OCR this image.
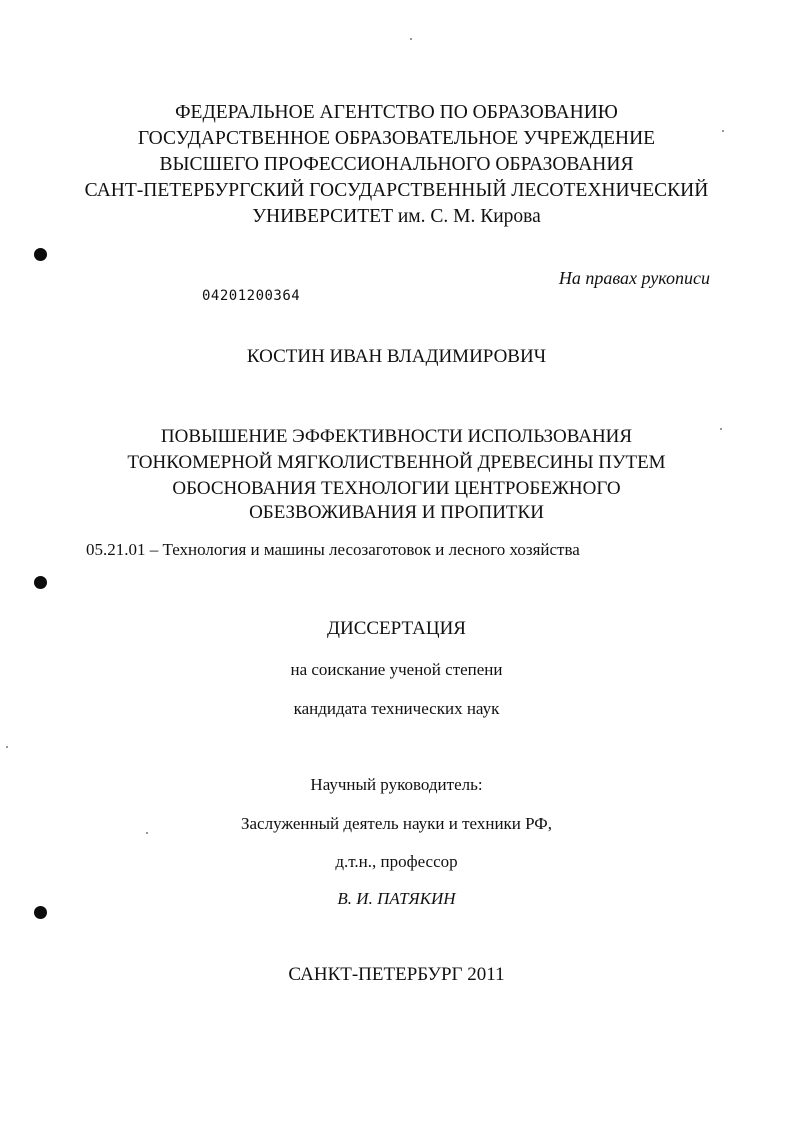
ФЕДЕРАЛЬНОЕ АГЕНТСТВО ПО ОБРАЗОВАНИЮ
ГОСУДАРСТВЕННОЕ ОБРАЗОВАТЕЛЬНОЕ УЧРЕЖДЕНИЕ
ВЫСШЕГО ПРОФЕССИОНАЛЬНОГО ОБРАЗОВАНИЯ
САНТ-ПЕТЕРБУРГСКИЙ ГОСУДАРСТВЕННЫЙ ЛЕСОТЕХНИЧЕСКИЙ
УНИВЕРСИТЕТ им. С. М. Кирова
На правах рукописи
04201200364
КОСТИН ИВАН ВЛАДИМИРОВИЧ
ПОВЫШЕНИЕ ЭФФЕКТИВНОСТИ ИСПОЛЬЗОВАНИЯ
ТОНКОМЕРНОЙ МЯГКОЛИСТВЕННОЙ ДРЕВЕСИНЫ ПУТЕМ
ОБОСНОВАНИЯ ТЕХНОЛОГИИ ЦЕНТРОБЕЖНОГО
ОБЕЗВОЖИВАНИЯ И ПРОПИТКИ
05.21.01 – Технология и машины лесозаготовок и лесного хозяйства
ДИССЕРТАЦИЯ
на соискание ученой степени
кандидата технических наук
Научный руководитель:
Заслуженный деятель науки и техники РФ,
д.т.н., профессор
В. И. ПАТЯКИН
САНКТ-ПЕТЕРБУРГ 2011
